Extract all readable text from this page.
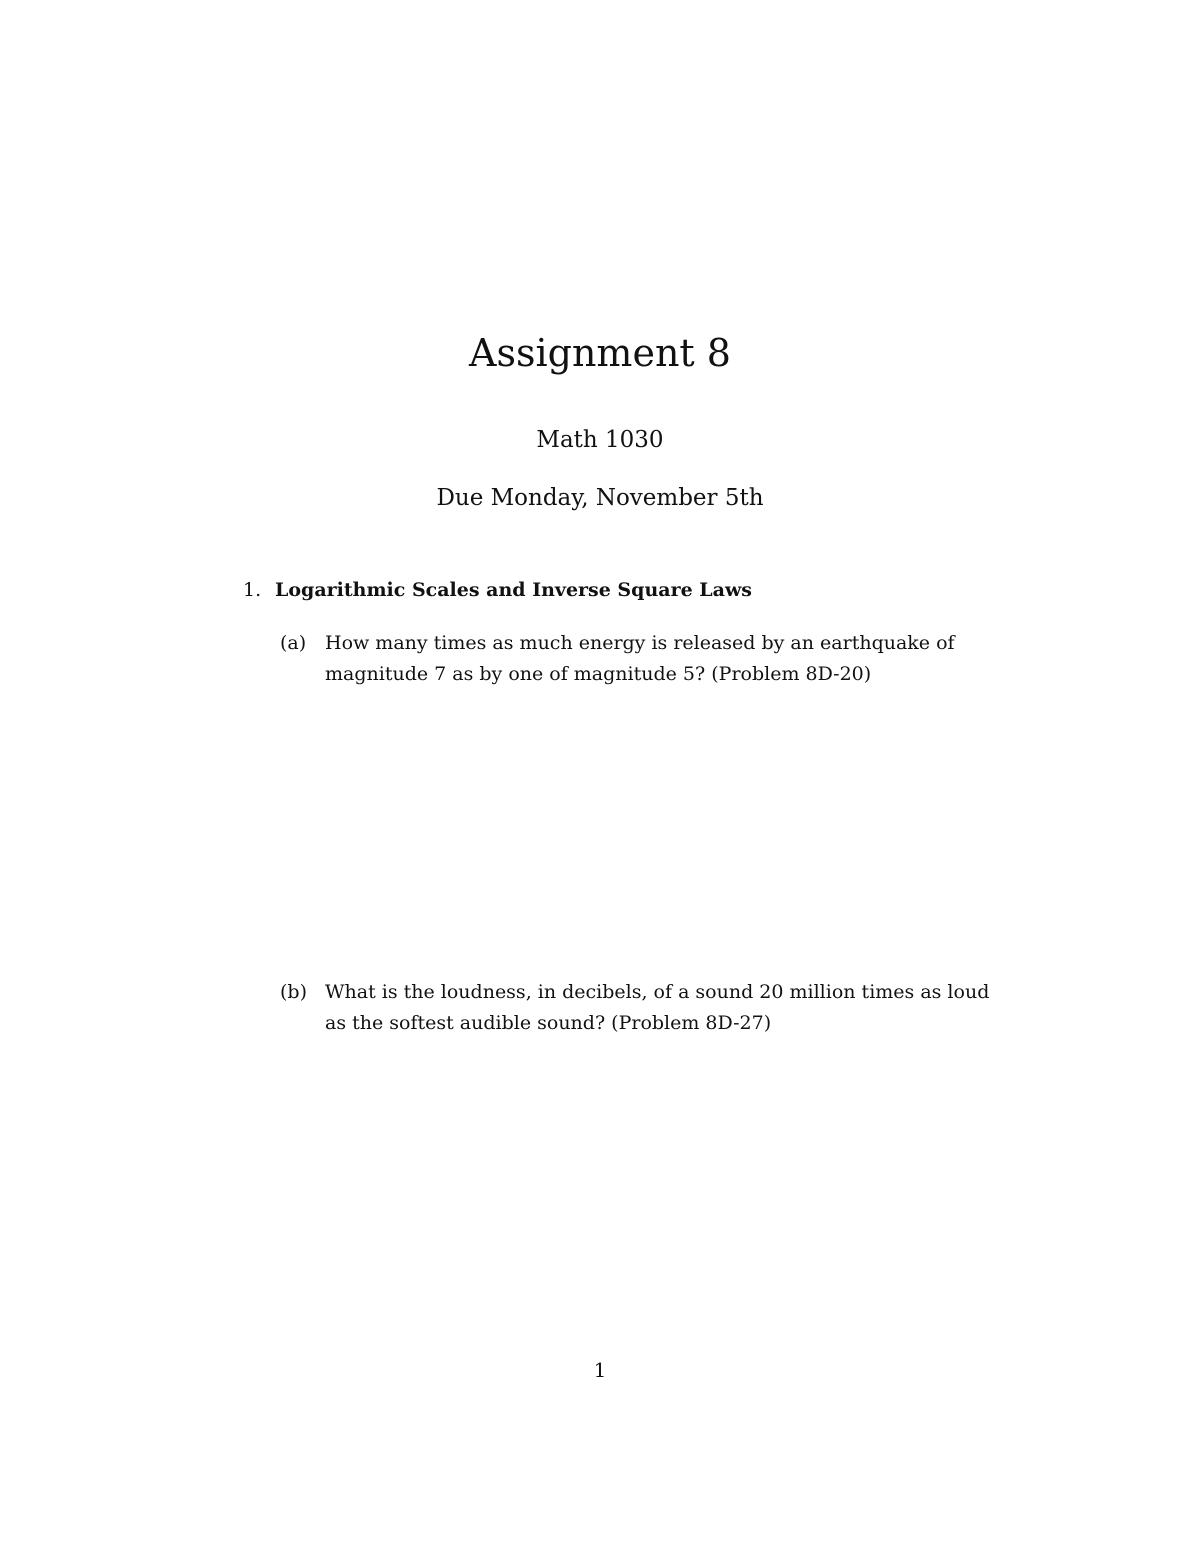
Assignment 8
Math 1030
Due Monday, November 5th
1. Logarithmic Scales and Inverse Square Laws
(a) How many times as much energy is released by an earthquake of magnitude 7 as by one of magnitude 5? (Problem 8D-20)
(b) What is the loudness, in decibels, of a sound 20 million times as loud as the softest audible sound? (Problem 8D-27)
1
